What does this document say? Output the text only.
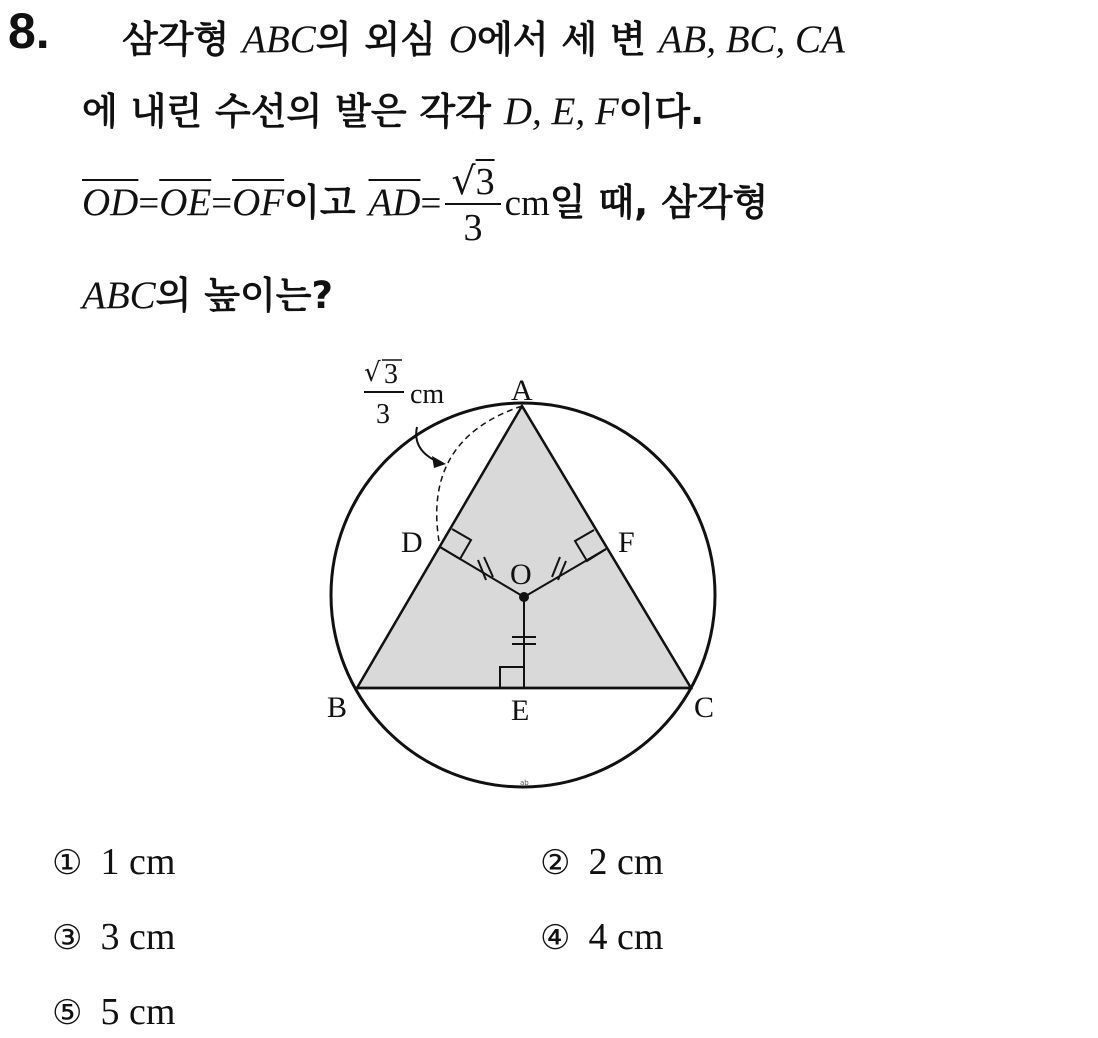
8. 삼각형 ABC의 외심 O에서 세 변 AB, BC, CA
에 내린 수선의 발은 각각 D, E, F이다.
$\overline{OD}=\overline{OE}=\overline{OF}$이고 $\overline{AD}= \frac{√3}{3}$ cm일 때, 삼각형
ABC의 높이는?
ab
A
B	C
D
E
F
O
√ 3
3
cm
① 1 cm	② 2 cm
③ 3 cm	④ 4 cm
⑤ 5 cm
